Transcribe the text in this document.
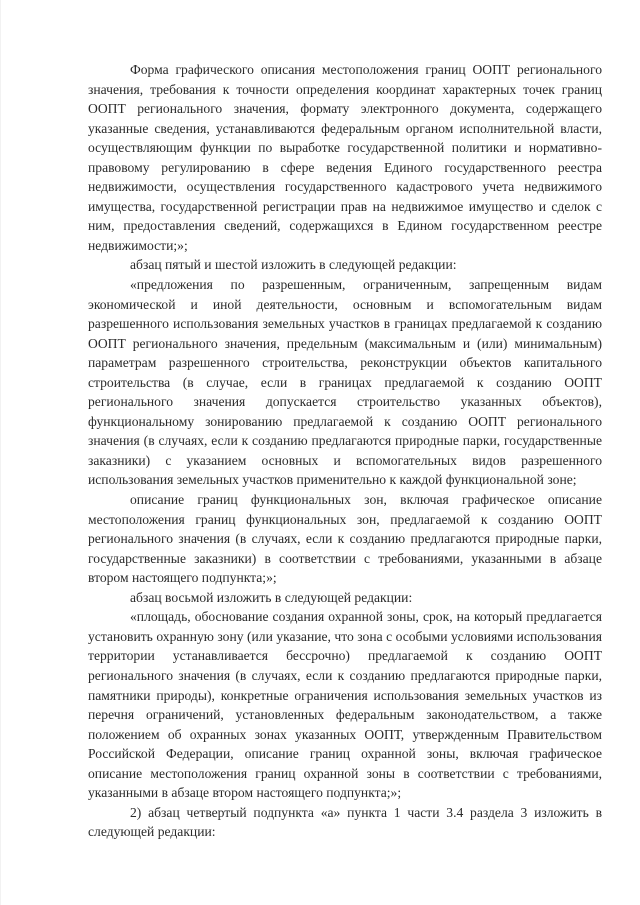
Форма графического описания местоположения границ ООПТ регионального значения, требования к точности определения координат характерных точек границ ООПТ регионального значения, формату электронного документа, содержащего указанные сведения, устанавливаются федеральным органом исполнительной власти, осуществляющим функции по выработке государственной политики и нормативно-правовому регулированию в сфере ведения Единого государственного реестра недвижимости, осуществления государственного кадастрового учета недвижимого имущества, государственной регистрации прав на недвижимое имущество и сделок с ним, предоставления сведений, содержащихся в Едином государственном реестре недвижимости;»;

абзац пятый и шестой изложить в следующей редакции:

«предложения по разрешенным, ограниченным, запрещенным видам экономической и иной деятельности, основным и вспомогательным видам разрешенного использования земельных участков в границах предлагаемой к созданию ООПТ регионального значения, предельным (максимальным и (или) минимальным) параметрам разрешенного строительства, реконструкции объектов капитального строительства (в случае, если в границах предлагаемой к созданию ООПТ регионального значения допускается строительство указанных объектов), функциональному зонированию предлагаемой к созданию ООПТ регионального значения (в случаях, если к созданию предлагаются природные парки, государственные заказники) с указанием основных и вспомогательных видов разрешенного использования земельных участков применительно к каждой функциональной зоне;

описание границ функциональных зон, включая графическое описание местоположения границ функциональных зон, предлагаемой к созданию ООПТ регионального значения (в случаях, если к созданию предлагаются природные парки, государственные заказники) в соответствии с требованиями, указанными в абзаце втором настоящего подпункта;»;

абзац восьмой изложить в следующей редакции:

«площадь, обоснование создания охранной зоны, срок, на который предлагается установить охранную зону (или указание, что зона с особыми условиями использования территории устанавливается бессрочно) предлагаемой к созданию ООПТ регионального значения (в случаях, если к созданию предлагаются природные парки, памятники природы), конкретные ограничения использования земельных участков из перечня ограничений, установленных федеральным законодательством, а также положением об охранных зонах указанных ООПТ, утвержденным Правительством Российской Федерации, описание границ охранной зоны, включая графическое описание местоположения границ охранной зоны в соответствии с требованиями, указанными в абзаце втором настоящего подпункта;»;

2) абзац четвертый подпункта «а» пункта 1 части 3.4 раздела 3 изложить в следующей редакции:
